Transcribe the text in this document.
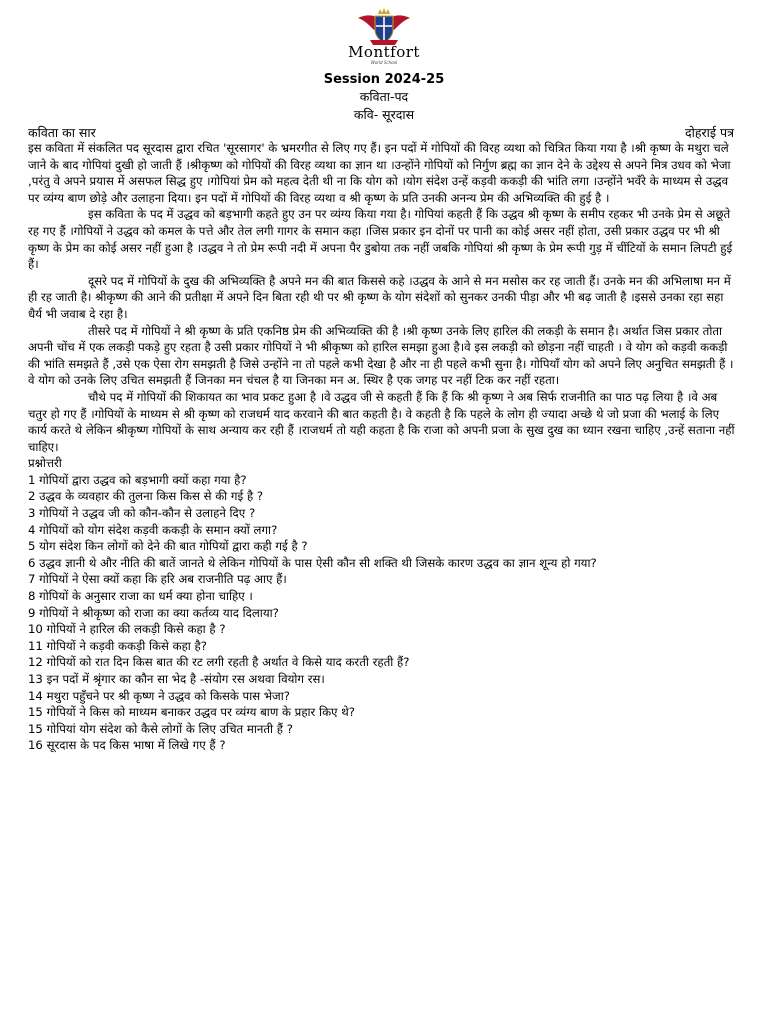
Montfort
World School
Session 2024-25
कविता-पद
कवि- सूरदास
कविता का सार	दोहराई पत्र

इस कविता में संकलित पद सूरदास द्वारा रचित 'सूरसागर' के भ्रमरगीत से लिए गए हैं। इन पदों में गोपियों की विरह व्यथा को चित्रित किया गया है ।श्री कृष्ण के मथुरा चले जाने के बाद गोपियां दुखी हो जाती हैं ।श्रीकृष्ण को गोपियों की विरह व्यथा का ज्ञान था ।उन्होंने गोपियों को निर्गुण ब्रह्म का ज्ञान देने के उद्देश्य से अपने मित्र उधव को भेजा ,परंतु वे अपने प्रयास में असफल सिद्ध हुए ।गोपियां प्रेम को महत्व देती थी ना कि योग को ।योग संदेश उन्हें कड़वी ककड़ी की भांति लगा ।उन्होंने भवँरे के माध्यम से उद्धव पर व्यंग्य बाण छोड़े और उलाहना दिया। इन पदों में गोपियों की विरह व्यथा व श्री कृष्ण के प्रति उनकी अनन्य प्रेम की अभिव्यक्ति की हुई है ।

इस कविता के पद में उद्धव को बड़भागी कहते हुए उन पर व्यंग्य किया गया है। गोपियां कहती हैं कि उद्धव श्री कृष्ण के समीप रहकर भी उनके प्रेम से अछूते रह गए हैं ।गोपियों ने उद्धव को कमल के पत्ते और तेल लगी गागर के समान कहा ।जिस प्रकार इन दोनों पर पानी का कोई असर नहीं होता, उसी प्रकार उद्धव पर भी श्री कृष्ण के प्रेम का कोई असर नहीं हुआ है ।उद्धव ने तो प्रेम रूपी नदी में अपना पैर डुबोया तक नहीं जबकि गोपियां श्री कृष्ण के प्रेम रूपी गुड़ में चींटियों के समान लिपटी हुई हैं।

दूसरे पद में गोपियों के दुख की अभिव्यक्ति है अपने मन की बात किससे कहे ।उद्धव के आने से मन मसोस कर रह जाती हैं। उनके मन की अभिलाषा मन में ही रह जाती है। श्रीकृष्ण की आने की प्रतीक्षा में अपने दिन बिता रही थी पर श्री कृष्ण के योग संदेशों को सुनकर उनकी पीड़ा और भी बढ़ जाती है ।इससे उनका रहा सहा धैर्य भी जवाब दे रहा है।

तीसरे पद में गोपियों ने श्री कृष्ण के प्रति एकनिष्ठ प्रेम की अभिव्यक्ति की है ।श्री कृष्ण उनके लिए हारिल की लकड़ी के समान है। अर्थात जिस प्रकार तोता अपनी चोंच में एक लकड़ी पकड़े हुए रहता है उसी प्रकार गोपियों ने भी श्रीकृष्ण को हारिल समझा हुआ है।वे इस लकड़ी को छोड़ना नहीं चाहती । वे योग को कड़वी ककड़ी की भांति समझते हैं ,उसे एक ऐसा रोग समझती है जिसे उन्होंने ना तो पहले कभी देखा है और ना ही पहले कभी सुना है। गोपियाँ योग को अपने लिए अनुचित समझती हैं ।वे योग को उनके लिए उचित समझती हैं जिनका मन चंचल है या जिनका मन अ. स्थिर है एक जगह पर नहीं टिक कर नहीं रहता।

चौथे पद में गोपियों की शिकायत का भाव प्रकट हुआ है ।वे उद्धव जी से कहती हैं कि हैं कि श्री कृष्ण ने अब सिर्फ राजनीति का पाठ पढ़ लिया है ।वे अब चतुर हो गए हैं ।गोपियों के माध्यम से श्री कृष्ण को राजधर्म याद करवाने की बात कहती है। वे कहती है कि पहले के लोग ही ज्यादा अच्छे थे जो प्रजा की भलाई के लिए कार्य करते थे लेकिन श्रीकृष्ण गोपियों के साथ अन्याय कर रही हैं ।राजधर्म तो यही कहता है कि राजा को अपनी प्रजा के सुख दुख का ध्यान रखना चाहिए ,उन्हें सताना नहीं चाहिए।

प्रश्नोत्तरी

1 गोपियों द्वारा उद्धव को बड़भागी क्यों कहा गया है?
2 उद्धव के व्यवहार की तुलना किस किस से की गई है ?
3 गोपियों ने उद्धव जी को कौन-कौन से उलाहने दिए ?
4 गोपियों को योग संदेश कड़वी ककड़ी के समान क्यों लगा?
5 योग संदेश किन लोगों को देने की बात गोपियों द्वारा कही गई है ?
6 उद्धव ज्ञानी थे और नीति की बातें जानते थे लेकिन गोपियों के पास ऐसी कौन सी शक्ति थी जिसके कारण उद्धव का ज्ञान शून्य हो गया?
7 गोपियों ने ऐसा क्यों कहा कि हरि अब राजनीति पढ़ आए हैं।
8 गोपियों के अनुसार राजा का धर्म क्या होना चाहिए ।
9 गोपियों ने श्रीकृष्ण को राजा का क्या कर्तव्य याद दिलाया?
10 गोपियों ने हारिल की लकड़ी किसे कहा है ?
11 गोपियों ने कड़वी ककड़ी किसे कहा है?
12 गोपियों को रात दिन किस बात की रट लगी रहती है अर्थात वे किसे याद करती रहती हैं?
13 इन पदों में श्रृंगार का कौन सा भेद है -संयोग रस अथवा वियोग रस।
14 मथुरा पहुँचने पर श्री कृष्ण ने उद्धव को किसके पास भेजा?
15 गोपियों ने किस को माध्यम बनाकर उद्धव पर व्यंग्य बाण के प्रहार किए थे?
15 गोपियां योग संदेश को कैसे लोगों के लिए उचित मानती हैं ?
16 सूरदास के पद किस भाषा में लिखे गए हैं ?
